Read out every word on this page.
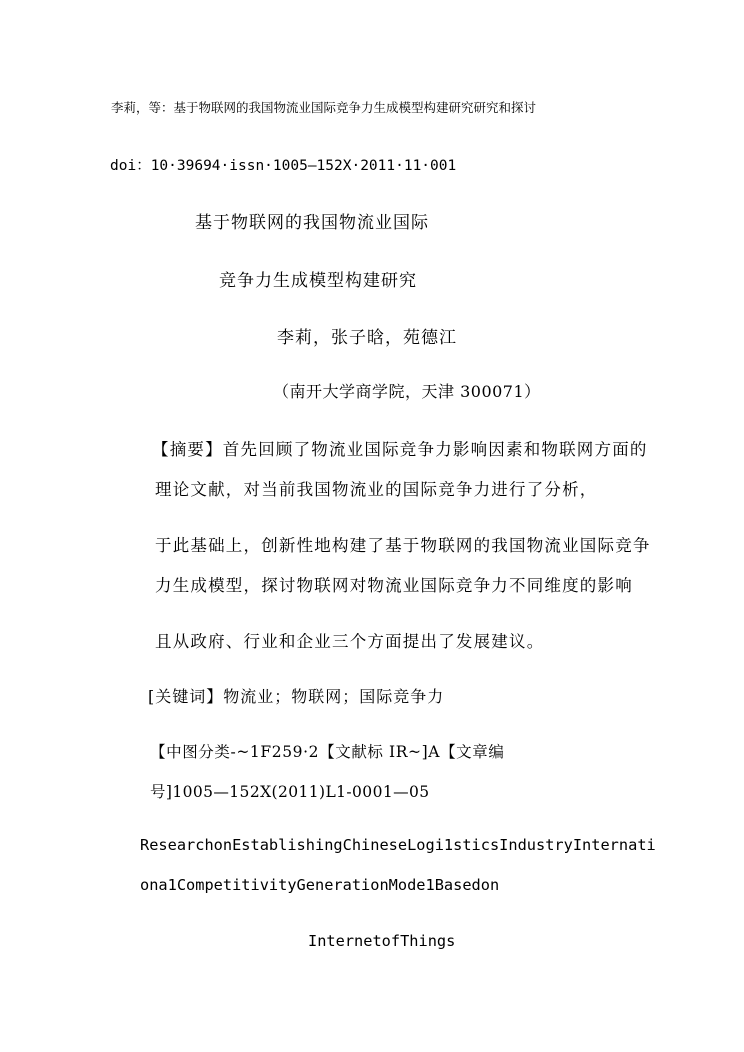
李莉，等：基于物联网的我国物流业国际竞争力生成模型构建研究研究和探讨
doi：10·39694·issn·1005—152X·2011·11·001
基于物联网的我国物流业国际
竞争力生成模型构建研究
李莉，张子晗，苑德江
（南开大学商学院，天津 300071）
【摘要】首先回顾了物流业国际竞争力影响因素和物联网方面的
理论文献，对当前我国物流业的国际竞争力进行了分析，
于此基础上，创新性地构建了基于物联网的我国物流业国际竞争
力生成模型，探讨物联网对物流业国际竞争力不同维度的影响
且从政府、行业和企业三个方面提出了发展建议。
[关键词】物流业；物联网；国际竞争力
【中图分类-~1F259·2【文献标 IR~]A【文章编
号]1005—152X(2011)L1-0001—05
ResearchonEstablishingChineseLogi1sticsIndustryInternati
ona1CompetitivityGenerationMode1Basedon
InternetofThings
